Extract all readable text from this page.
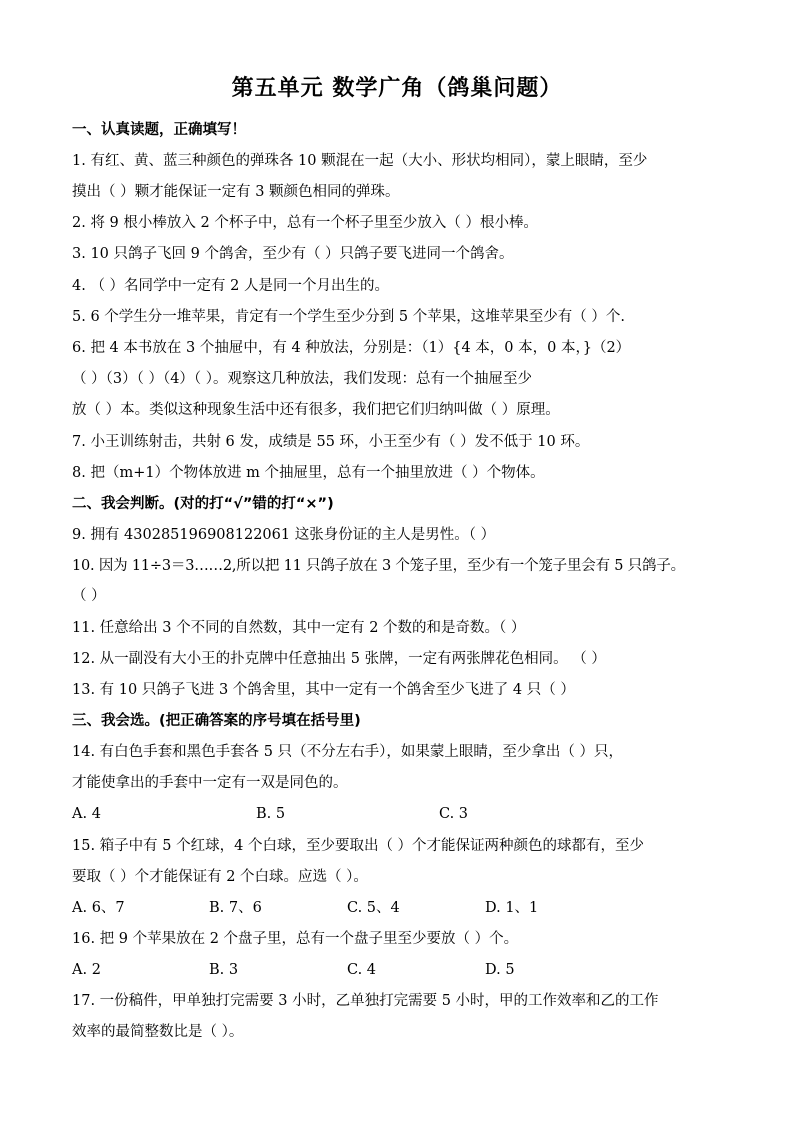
第五单元 数学广角（鸽巢问题）
一、认真读题，正确填写！
1. 有红、黄、蓝三种颜色的弹珠各 10 颗混在一起（大小、形状均相同），蒙上眼睛，至少
摸出（ ）颗才能保证一定有 3 颗颜色相同的弹珠。
2. 将 9 根小棒放入 2 个杯子中，总有一个杯子里至少放入（ ）根小棒。
3. 10 只鸽子飞回 9 个鸽舍，至少有（ ）只鸽子要飞进同一个鸽舍。
4. （ ）名同学中一定有 2 人是同一个月出生的。
5. 6 个学生分一堆苹果，肯定有一个学生至少分到 5 个苹果，这堆苹果至少有（ ）个.
6. 把 4 本书放在 3 个抽屉中，有 4 种放法，分别是：（1）{4 本，0 本，0 本，}（2）
（ ）（3）（ ）（4）（ ）。观察这几种放法，我们发现：总有一个抽屉至少
放（ ）本。类似这种现象生活中还有很多，我们把它们归纳叫做（ ）原理。
7. 小王训练射击，共射 6 发，成绩是 55 环，小王至少有（ ）发不低于 10 环。
8. 把（m+1）个物体放进 m 个抽屉里，总有一个抽里放进（ ）个物体。
二、我会判断。(对的打“√”错的打“×”)
9. 拥有 430285196908122061 这张身份证的主人是男性。（ ）
10. 因为 11÷3＝3……2,所以把 11 只鸽子放在 3 个笼子里，至少有一个笼子里会有 5 只鸽子。
（ ）
11. 任意给出 3 个不同的自然数，其中一定有 2 个数的和是奇数。（ ）
12. 从一副没有大小王的扑克牌中任意抽出 5 张牌，一定有两张牌花色相同。 （ ）
13. 有 10 只鸽子飞进 3 个鸽舍里，其中一定有一个鸽舍至少飞进了 4 只（ ）
三、我会选。(把正确答案的序号填在括号里)
14. 有白色手套和黑色手套各 5 只（不分左右手），如果蒙上眼睛，至少拿出（ ）只，
才能使拿出的手套中一定有一双是同色的。
A. 4	B. 5	C. 3
15. 箱子中有 5 个红球，4 个白球，至少要取出（ ）个才能保证两种颜色的球都有，至少
要取（ ）个才能保证有 2 个白球。应选（ ）。
A. 6、7	B. 7、6	C. 5、4	D. 1、1
16. 把 9 个苹果放在 2 个盘子里，总有一个盘子里至少要放（ ）个。
A. 2	B. 3	C. 4	D. 5
17. 一份稿件，甲单独打完需要 3 小时，乙单独打完需要 5 小时，甲的工作效率和乙的工作
效率的最简整数比是（ ）。
